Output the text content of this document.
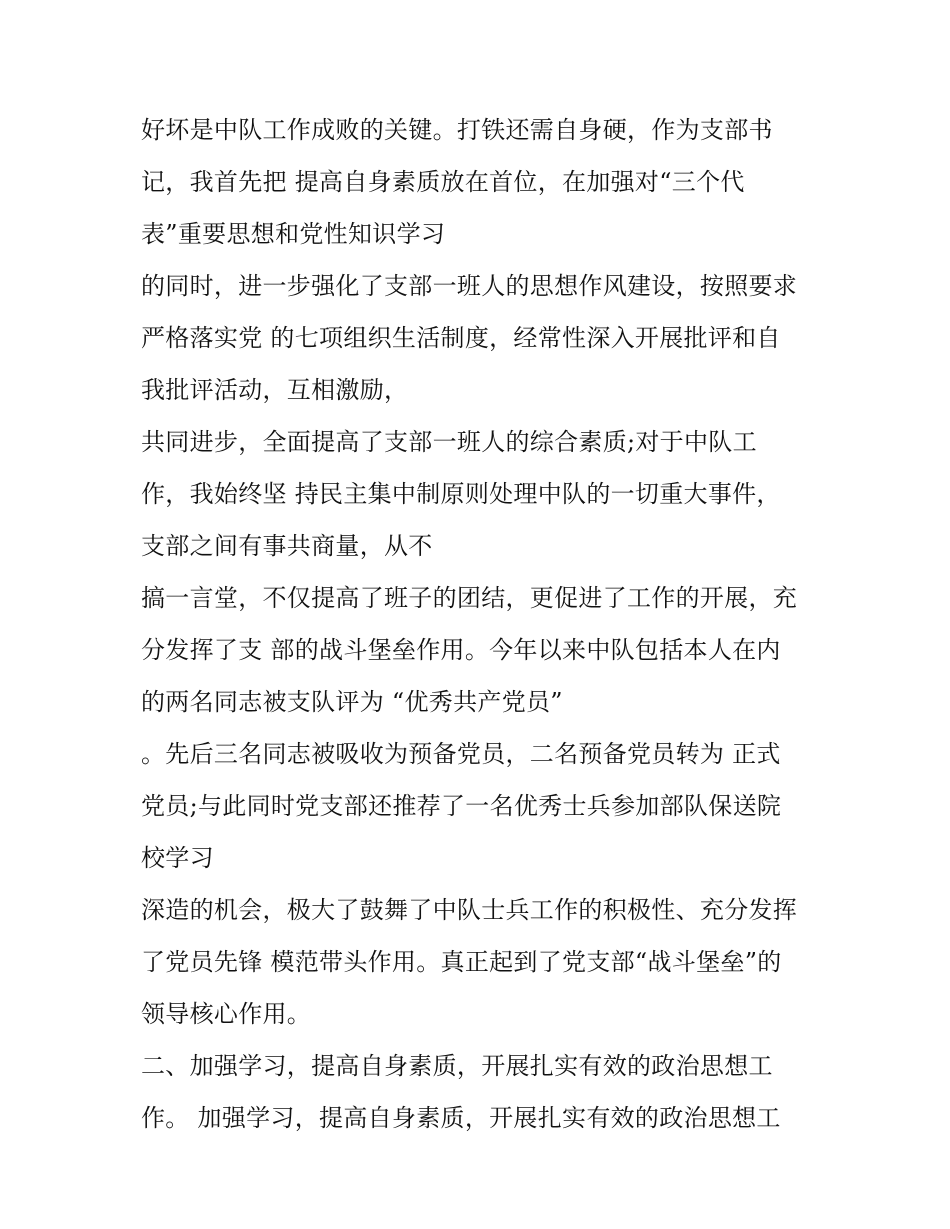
好坏是中队工作成败的关键。打铁还需自身硬，作为支部书
记，我首先把 提高自身素质放在首位，在加强对“三个代
表”重要思想和党性知识学习
的同时，进一步强化了支部一班人的思想作风建设，按照要求
严格落实党 的七项组织生活制度，经常性深入开展批评和自
我批评活动，互相激励，
共同进步，全面提高了支部一班人的综合素质;对于中队工
作，我始终坚 持民主集中制原则处理中队的一切重大事件，
支部之间有事共商量，从不
搞一言堂，不仅提高了班子的团结，更促进了工作的开展，充
分发挥了支 部的战斗堡垒作用。今年以来中队包括本人在内
的两名同志被支队评为 “优秀共产党员”
。先后三名同志被吸收为预备党员，二名预备党员转为 正式
党员;与此同时党支部还推荐了一名优秀士兵参加部队保送院
校学习
深造的机会，极大了鼓舞了中队士兵工作的积极性、充分发挥
了党员先锋 模范带头作用。真正起到了党支部“战斗堡垒”的
领导核心作用。
二、加强学习，提高自身素质，开展扎实有效的政治思想工
作。 加强学习，提高自身素质，开展扎实有效的政治思想工
